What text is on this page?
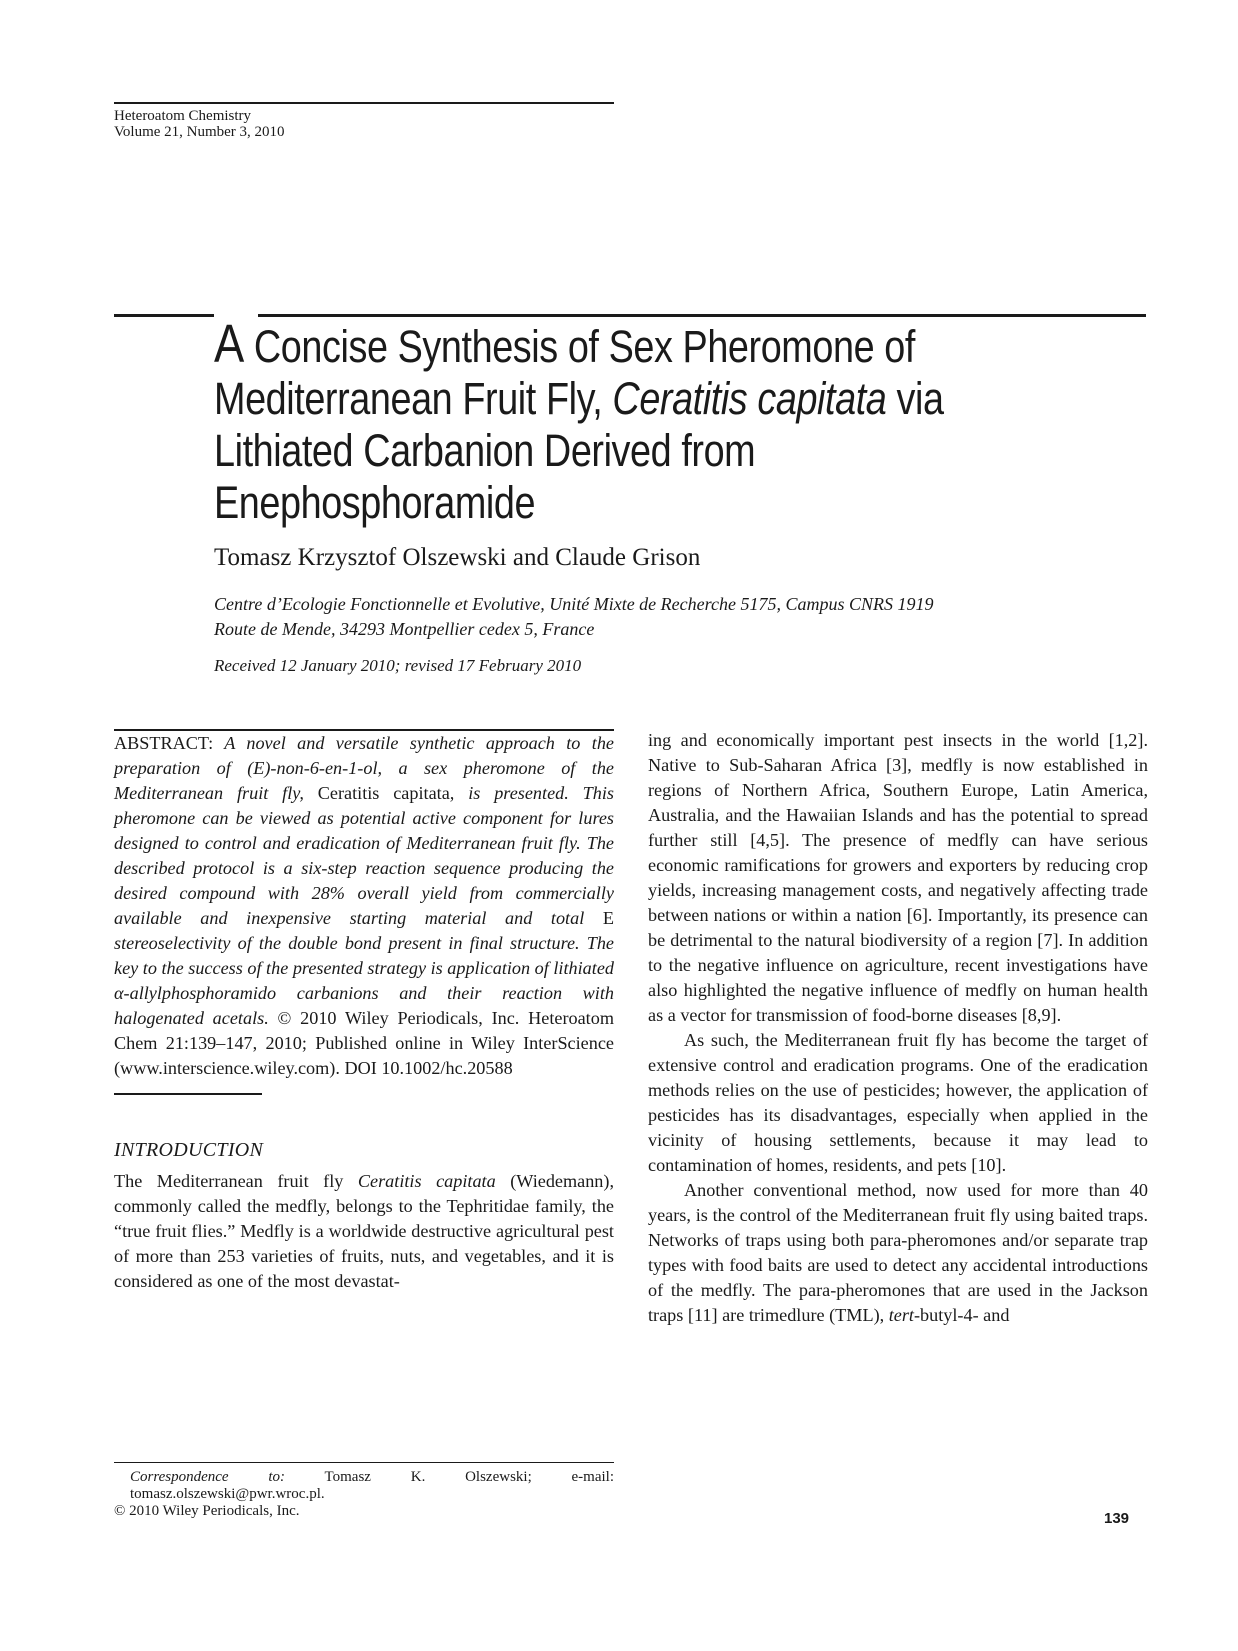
Heteroatom Chemistry
Volume 21, Number 3, 2010
A Concise Synthesis of Sex Pheromone of
Mediterranean Fruit Fly, Ceratitis capitata via
Lithiated Carbanion Derived from
Enephosphoramide
Tomasz Krzysztof Olszewski and Claude Grison
Centre d’Ecologie Fonctionnelle et Evolutive, Unité Mixte de Recherche 5175, Campus CNRS 1919
Route de Mende, 34293 Montpellier cedex 5, France
Received 12 January 2010; revised 17 February 2010

ABSTRACT: A novel and versatile synthetic approach to the preparation of (E)-non-6-en-1-ol, a sex pheromone of the Mediterranean fruit fly, Ceratitis capitata, is presented. This pheromone can be viewed as potential active component for lures designed to control and eradication of Mediterranean fruit fly. The described protocol is a six-step reaction sequence producing the desired compound with 28% overall yield from commercially available and inexpensive starting material and total E stereoselectivity of the double bond present in final structure. The key to the success of the presented strategy is application of lithiated α-allylphosphoramido carbanions and their reaction with halogenated acetals. © 2010 Wiley Periodicals, Inc. Heteroatom Chem 21:139–147, 2010; Published online in Wiley InterScience (www.interscience.wiley.com). DOI 10.1002/hc.20588

INTRODUCTION

The Mediterranean fruit fly Ceratitis capitata (Wiedemann), commonly called the medfly, belongs to the Tephritidae family, the “true fruit flies.” Medfly is a worldwide destructive agricultural pest of more than 253 varieties of fruits, nuts, and vegetables, and it is considered as one of the most devastat-

Correspondence to: Tomasz K. Olszewski; e-mail: tomasz.olszewski@pwr.wroc.pl.

© 2010 Wiley Periodicals, Inc.

ing and economically important pest insects in the world [1,2]. Native to Sub-Saharan Africa [3], medfly is now established in regions of Northern Africa, Southern Europe, Latin America, Australia, and the Hawaiian Islands and has the potential to spread further still [4,5]. The presence of medfly can have serious economic ramifications for growers and exporters by reducing crop yields, increasing management costs, and negatively affecting trade between nations or within a nation [6]. Importantly, its presence can be detrimental to the natural biodiversity of a region [7]. In addition to the negative influence on agriculture, recent investigations have also highlighted the negative influence of medfly on human health as a vector for transmission of food-borne diseases [8,9].

As such, the Mediterranean fruit fly has become the target of extensive control and eradication programs. One of the eradication methods relies on the use of pesticides; however, the application of pesticides has its disadvantages, especially when applied in the vicinity of housing settlements, because it may lead to contamination of homes, residents, and pets [10].

Another conventional method, now used for more than 40 years, is the control of the Mediterranean fruit fly using baited traps. Networks of traps using both para-pheromones and/or separate trap types with food baits are used to detect any accidental introductions of the medfly. The para-pheromones that are used in the Jackson traps [11] are trimedlure (TML), tert-butyl-4- and

139
